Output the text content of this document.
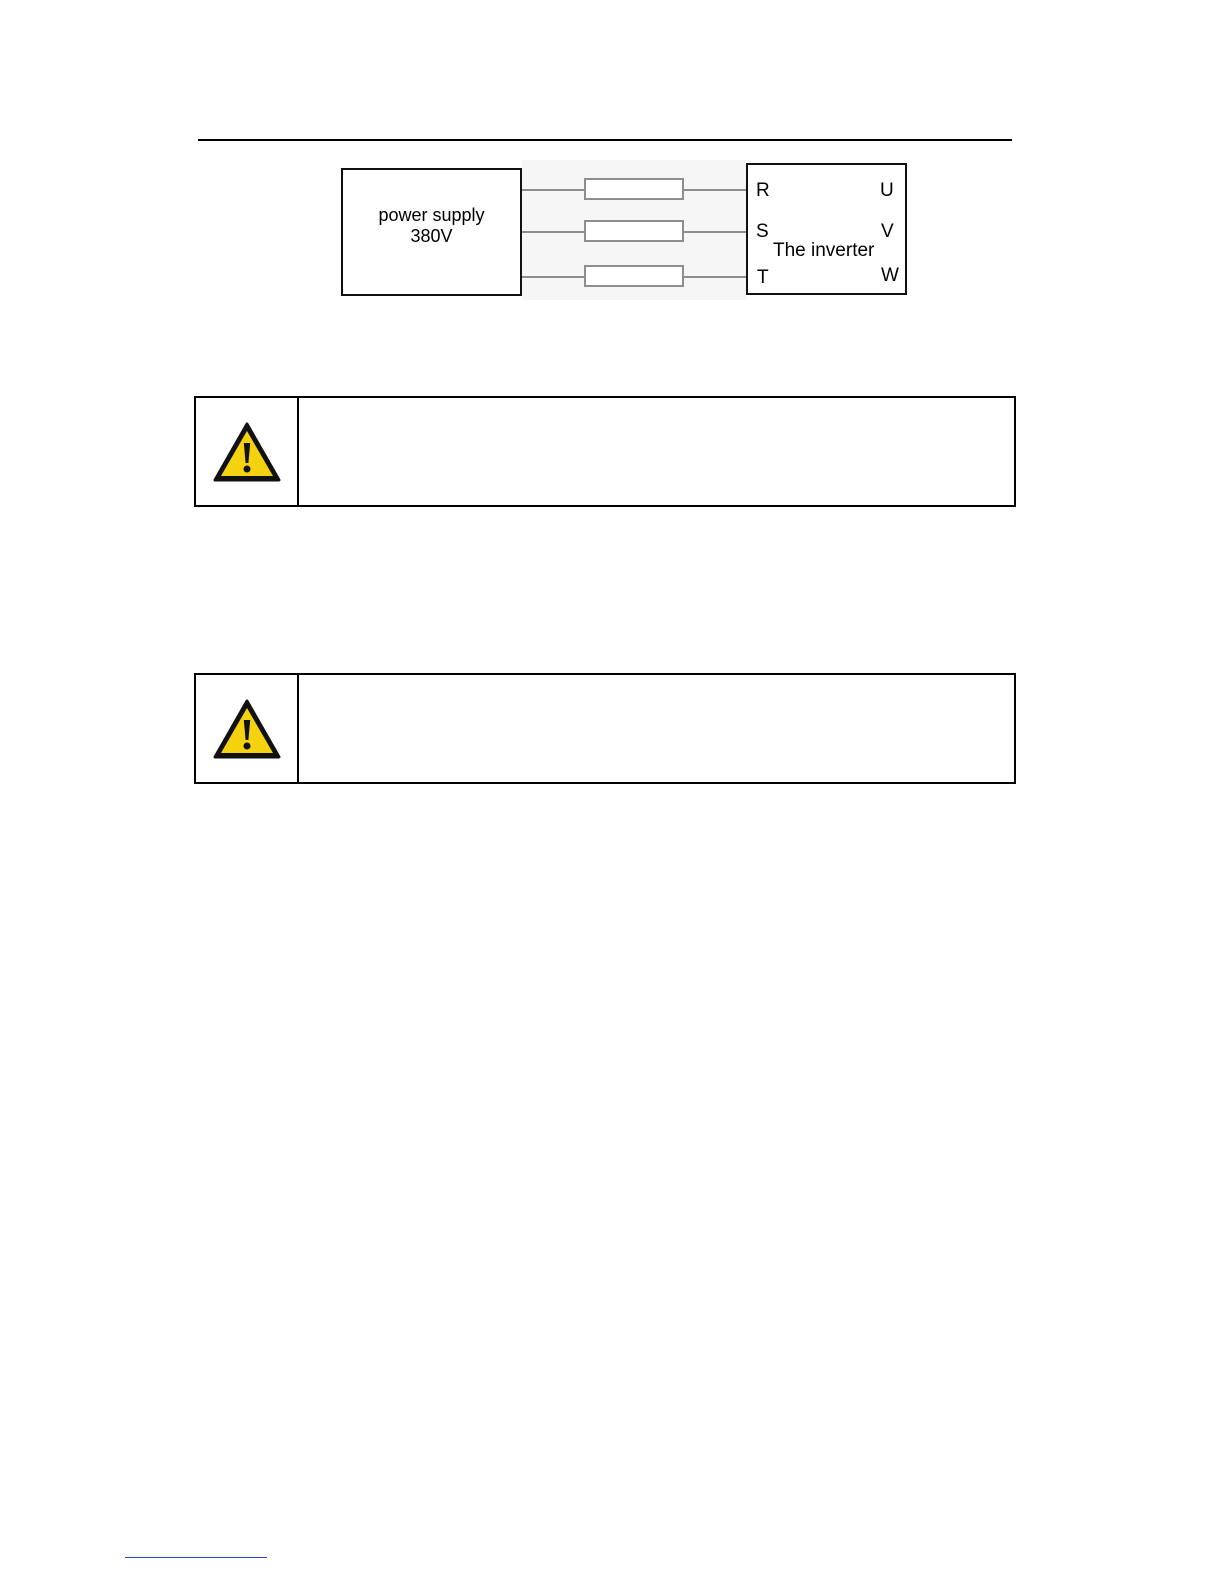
power supply
380V
R
S
T
U
V
W
The inverter
